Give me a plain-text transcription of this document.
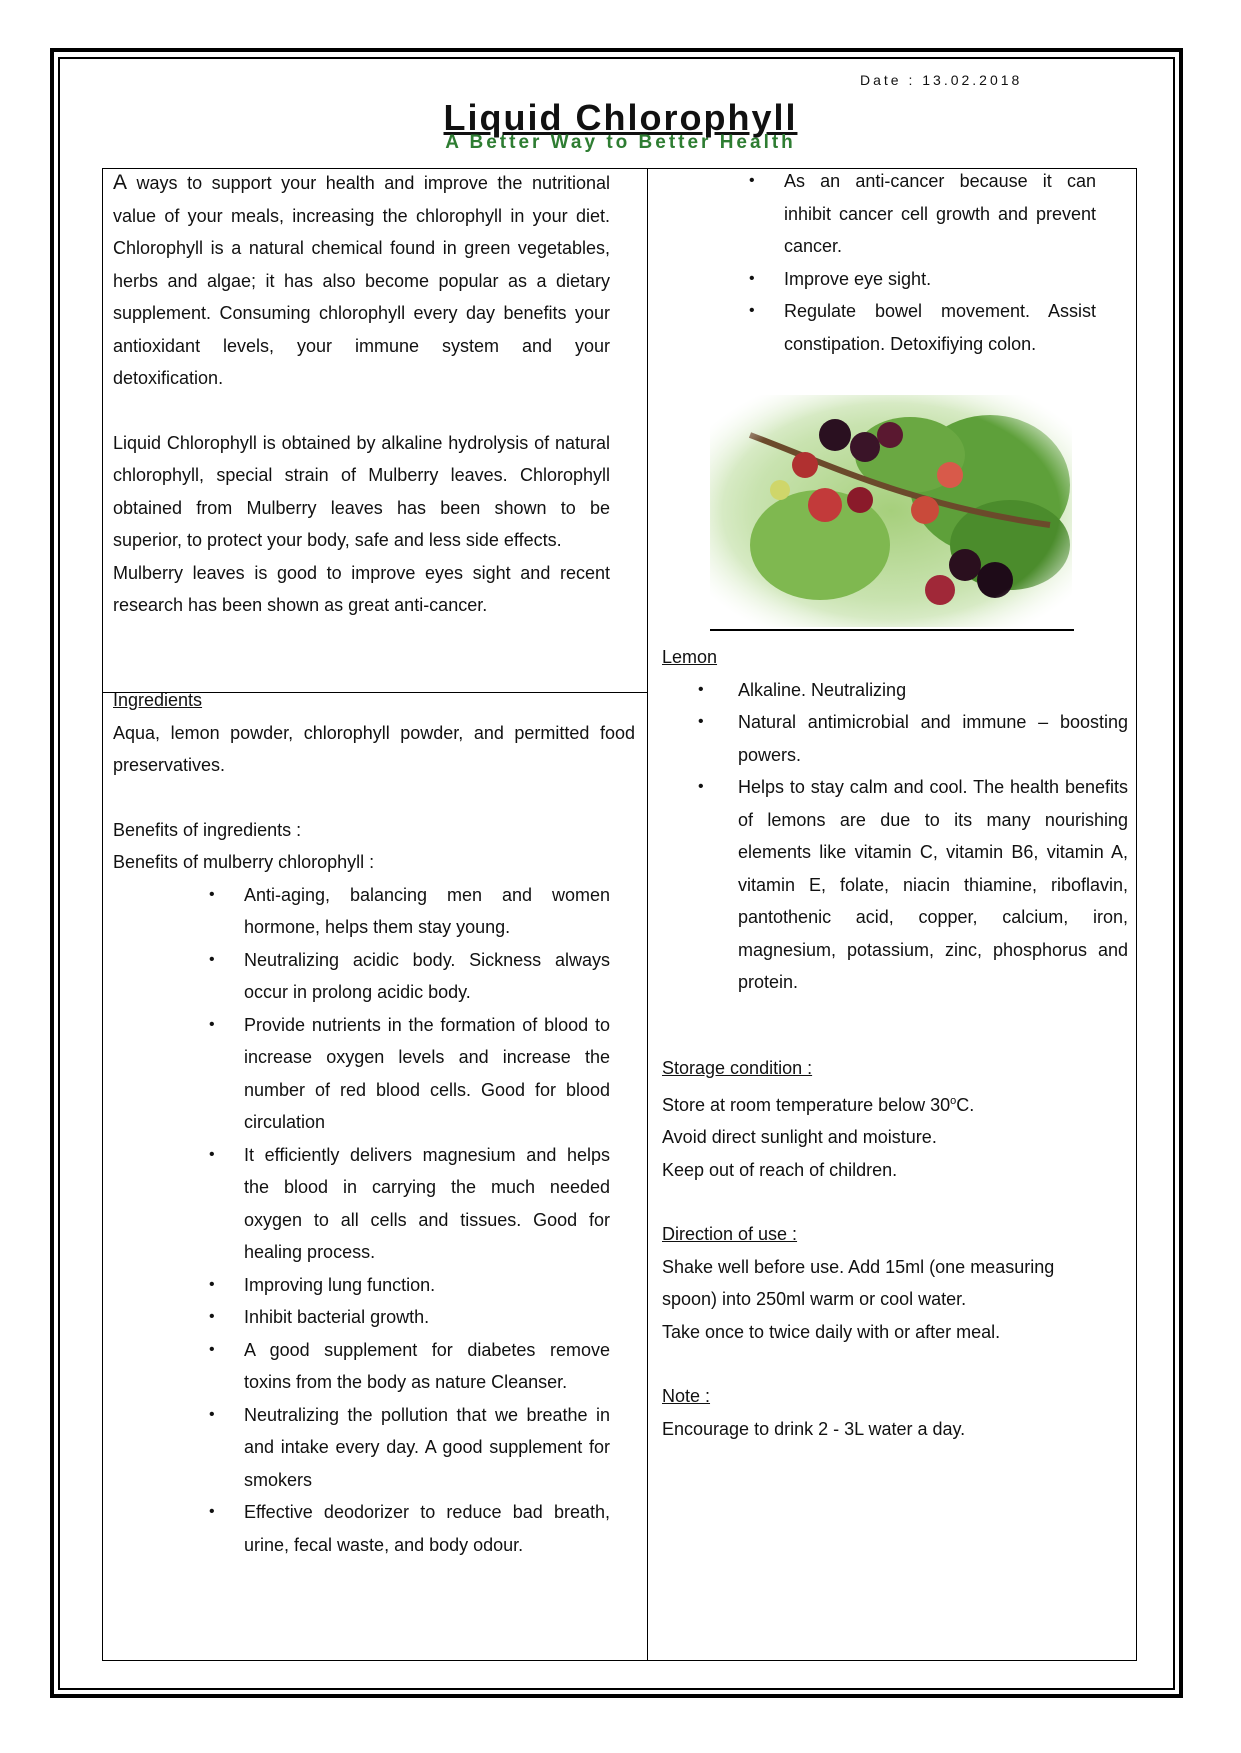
Date : 13.02.2018
Liquid Chlorophyll
A Better Way to Better Health

A ways to support your health and improve the nutritional value of your meals, increasing the chlorophyll in your diet. Chlorophyll is a natural chemical found in green vegetables, herbs and algae; it has also become popular as a dietary supplement. Consuming chlorophyll every day benefits your antioxidant levels, your immune system and your detoxification.

Liquid Chlorophyll is obtained by alkaline hydrolysis of natural chlorophyll, special strain of Mulberry leaves. Chlorophyll obtained from Mulberry leaves has been shown to be superior, to protect your body, safe and less side effects.

Mulberry leaves is good to improve eyes sight and recent research has been shown as great anti-cancer.

Ingredients

Aqua, lemon powder, chlorophyll powder, and permitted food preservatives.

Benefits of ingredients :

Benefits of mulberry chlorophyll :

• Anti-aging, balancing men and women hormone, helps them stay young.
• Neutralizing acidic body. Sickness always occur in prolong acidic body.
• Provide nutrients in the formation of blood to increase oxygen levels and increase the number of red blood cells. Good for blood circulation
• It efficiently delivers magnesium and helps the blood in carrying the much needed oxygen to all cells and tissues. Good for healing process.
• Improving lung function.
• Inhibit bacterial growth.
• A good supplement for diabetes remove toxins from the body as nature Cleanser.
• Neutralizing the pollution that we breathe in and intake every day. A good supplement for smokers
• Effective deodorizer to reduce bad breath, urine, fecal waste, and body odour.
• As an anti-cancer because it can inhibit cancer cell growth and prevent cancer.
• Improve eye sight.
• Regulate bowel movement. Assist constipation. Detoxifiying colon.

Lemon

• Alkaline. Neutralizing
• Natural antimicrobial and immune – boosting powers.
• Helps to stay calm and cool. The health benefits of lemons are due to its many nourishing elements like vitamin C, vitamin B6, vitamin A, vitamin E, folate, niacin thiamine, riboflavin, pantothenic acid, copper, calcium, iron, magnesium, potassium, zinc, phosphorus and protein.

Storage condition :

Store at room temperature below 30$^o$C.

Avoid direct sunlight and moisture.

Keep out of reach of children.

Direction of use :

Shake well before use. Add 15ml (one measuring spoon) into 250ml warm or cool water.

Take once to twice daily with or after meal.

Note :

Encourage to drink 2 - 3L water a day.
